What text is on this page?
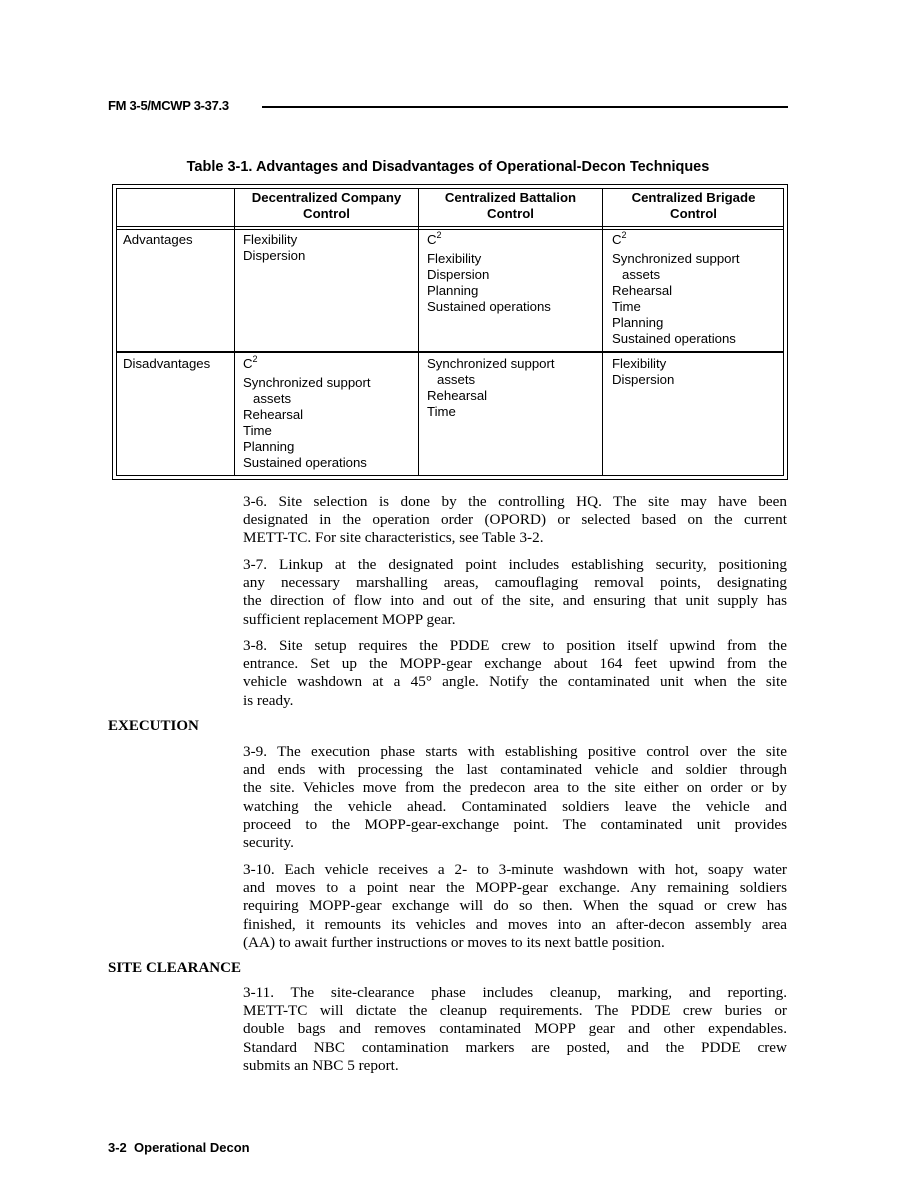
FM 3-5/MCWP 3-37.3
Table 3-1. Advantages and Disadvantages of Operational-Decon Techniques
Decentralized Company
Control
Centralized Battalion
Control
Centralized Brigade
Control
Advantages	Flexibility
Dispersion
$C^2$
Flexibility
Dispersion
Planning
Sustained operations
$C^2$
Synchronized support
assets
Rehearsal
Time
Planning
Sustained operations
Disadvantages $C^2$
Synchronized support
assets
Rehearsal
Time
Planning
Sustained operations
Synchronized support
assets
Rehearsal
Time
Flexibility
Dispersion
3-6. Site selection is done by the controlling HQ. The site may have been
designated in the operation order (OPORD) or selected based on the current
METT-TC. For site characteristics, see Table 3-2.
3-7. Linkup at the designated point includes establishing security, positioning
any necessary marshalling areas, camouflaging removal points, designating
the direction of flow into and out of the site, and ensuring that unit supply has
sufficient replacement MOPP gear.
3-8. Site setup requires the PDDE crew to position itself upwind from the
entrance. Set up the MOPP-gear exchange about 164 feet upwind from the
vehicle washdown at a 45° angle. Notify the contaminated unit when the site
is ready.
EXECUTION
3-9. The execution phase starts with establishing positive control over the site
and ends with processing the last contaminated vehicle and soldier through
the site. Vehicles move from the predecon area to the site either on order or by
watching the vehicle ahead. Contaminated soldiers leave the vehicle and
proceed to the MOPP-gear-exchange point. The contaminated unit provides
security.
3-10. Each vehicle receives a 2- to 3-minute washdown with hot, soapy water
and moves to a point near the MOPP-gear exchange. Any remaining soldiers
requiring MOPP-gear exchange will do so then. When the squad or crew has
finished, it remounts its vehicles and moves into an after-decon assembly area
(AA) to await further instructions or moves to its next battle position.
SITE CLEARANCE
3-11. The site-clearance phase includes cleanup, marking, and reporting.
METT-TC will dictate the cleanup requirements. The PDDE crew buries or
double bags and removes contaminated MOPP gear and other expendables.
Standard NBC contamination markers are posted, and the PDDE crew
submits an NBC 5 report.
3-2  Operational Decon
